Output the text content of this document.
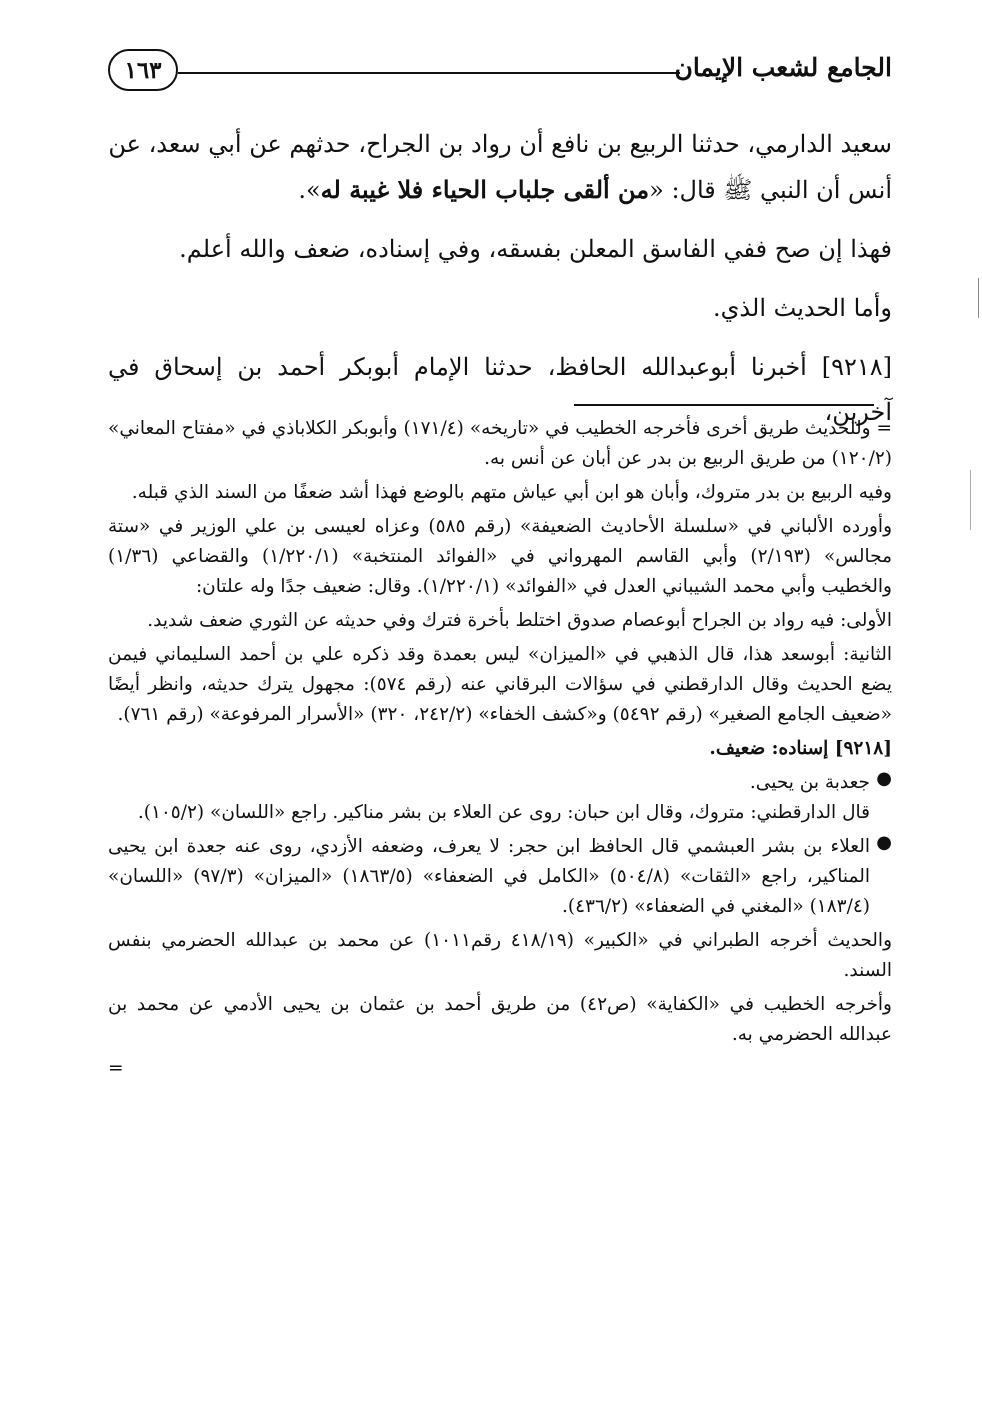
الجامع لشعب الإيمان
١٦٣

سعيد الدارمي، حدثنا الربيع بن نافع أن رواد بن الجراح، حدثهم عن أبي سعد، عن

أنس أن النبي ﷺ قال: «من ألقى جلباب الحياء فلا غيبة له».

فهذا إن صح ففي الفاسق المعلن بفسقه، وفي إسناده، ضعف والله أعلم.

وأما الحديث الذي.

[٩٢١٨] أخبرنا أبوعبدالله الحافظ، حدثنا الإمام أبوبكر أحمد بن إسحاق في آخرين،

= وللحديث طريق أخرى فأخرجه الخطيب في «تاريخه» (١٧١/٤) وأبوبكر الكلاباذي في «مفتاح المعاني» (١٢٠/٢) من طريق الربيع بن بدر عن أبان عن أنس به.

وفيه الربيع بن بدر متروك، وأبان هو ابن أبي عياش متهم بالوضع فهذا أشد ضعفًا من السند الذي قبله.

وأورده الألباني في «سلسلة الأحاديث الضعيفة» (رقم ٥٨٥) وعزاه لعيسى بن علي الوزير في «ستة مجالس» (٢/١٩٣) وأبي القاسم المهرواني في «الفوائد المنتخبة» (١/٢٢٠/١) والقضاعي (١/٣٦) والخطيب وأبي محمد الشيباني العدل في «الفوائد» (١/٢٢٠/١). وقال: ضعيف جدًا وله علتان:

الأولى: فيه رواد بن الجراح أبوعصام صدوق اختلط بأخرة فترك وفي حديثه عن الثوري ضعف شديد.

الثانية: أبوسعد هذا، قال الذهبي في «الميزان» ليس بعمدة وقد ذكره علي بن أحمد السليماني فيمن يضع الحديث وقال الدارقطني في سؤالات البرقاني عنه (رقم ٥٧٤): مجهول يترك حديثه، وانظر أيضًا «ضعيف الجامع الصغير» (رقم ٥٤٩٢) و«كشف الخفاء» (٢٤٢/٢، ٣٢٠) «الأسرار المرفوعة» (رقم ٧٦١).

[٩٢١٨] إسناده: ضعيف.

●

جعدبة بن يحيى.

قال الدارقطني: متروك، وقال ابن حبان: روى عن العلاء بن بشر مناكير. راجع «اللسان» (١٠٥/٢).

●

العلاء بن بشر العبشمي قال الحافظ ابن حجر: لا يعرف، وضعفه الأزدي، روى عنه جعدة ابن يحيى المناكير، راجع «الثقات» (٥٠٤/٨) «الكامل في الضعفاء» (١٨٦٣/٥) «الميزان» (٩٧/٣) «اللسان» (١٨٣/٤) «المغني في الضعفاء» (٤٣٦/٢).

والحديث أخرجه الطبراني في «الكبير» (٤١٨/١٩ رقم١٠١١) عن محمد بن عبدالله الحضرمي بنفس السند.

وأخرجه الخطيب في «الكفاية» (ص٤٢) من طريق أحمد بن عثمان بن يحيى الأدمي عن محمد بن عبدالله الحضرمي به.

=
